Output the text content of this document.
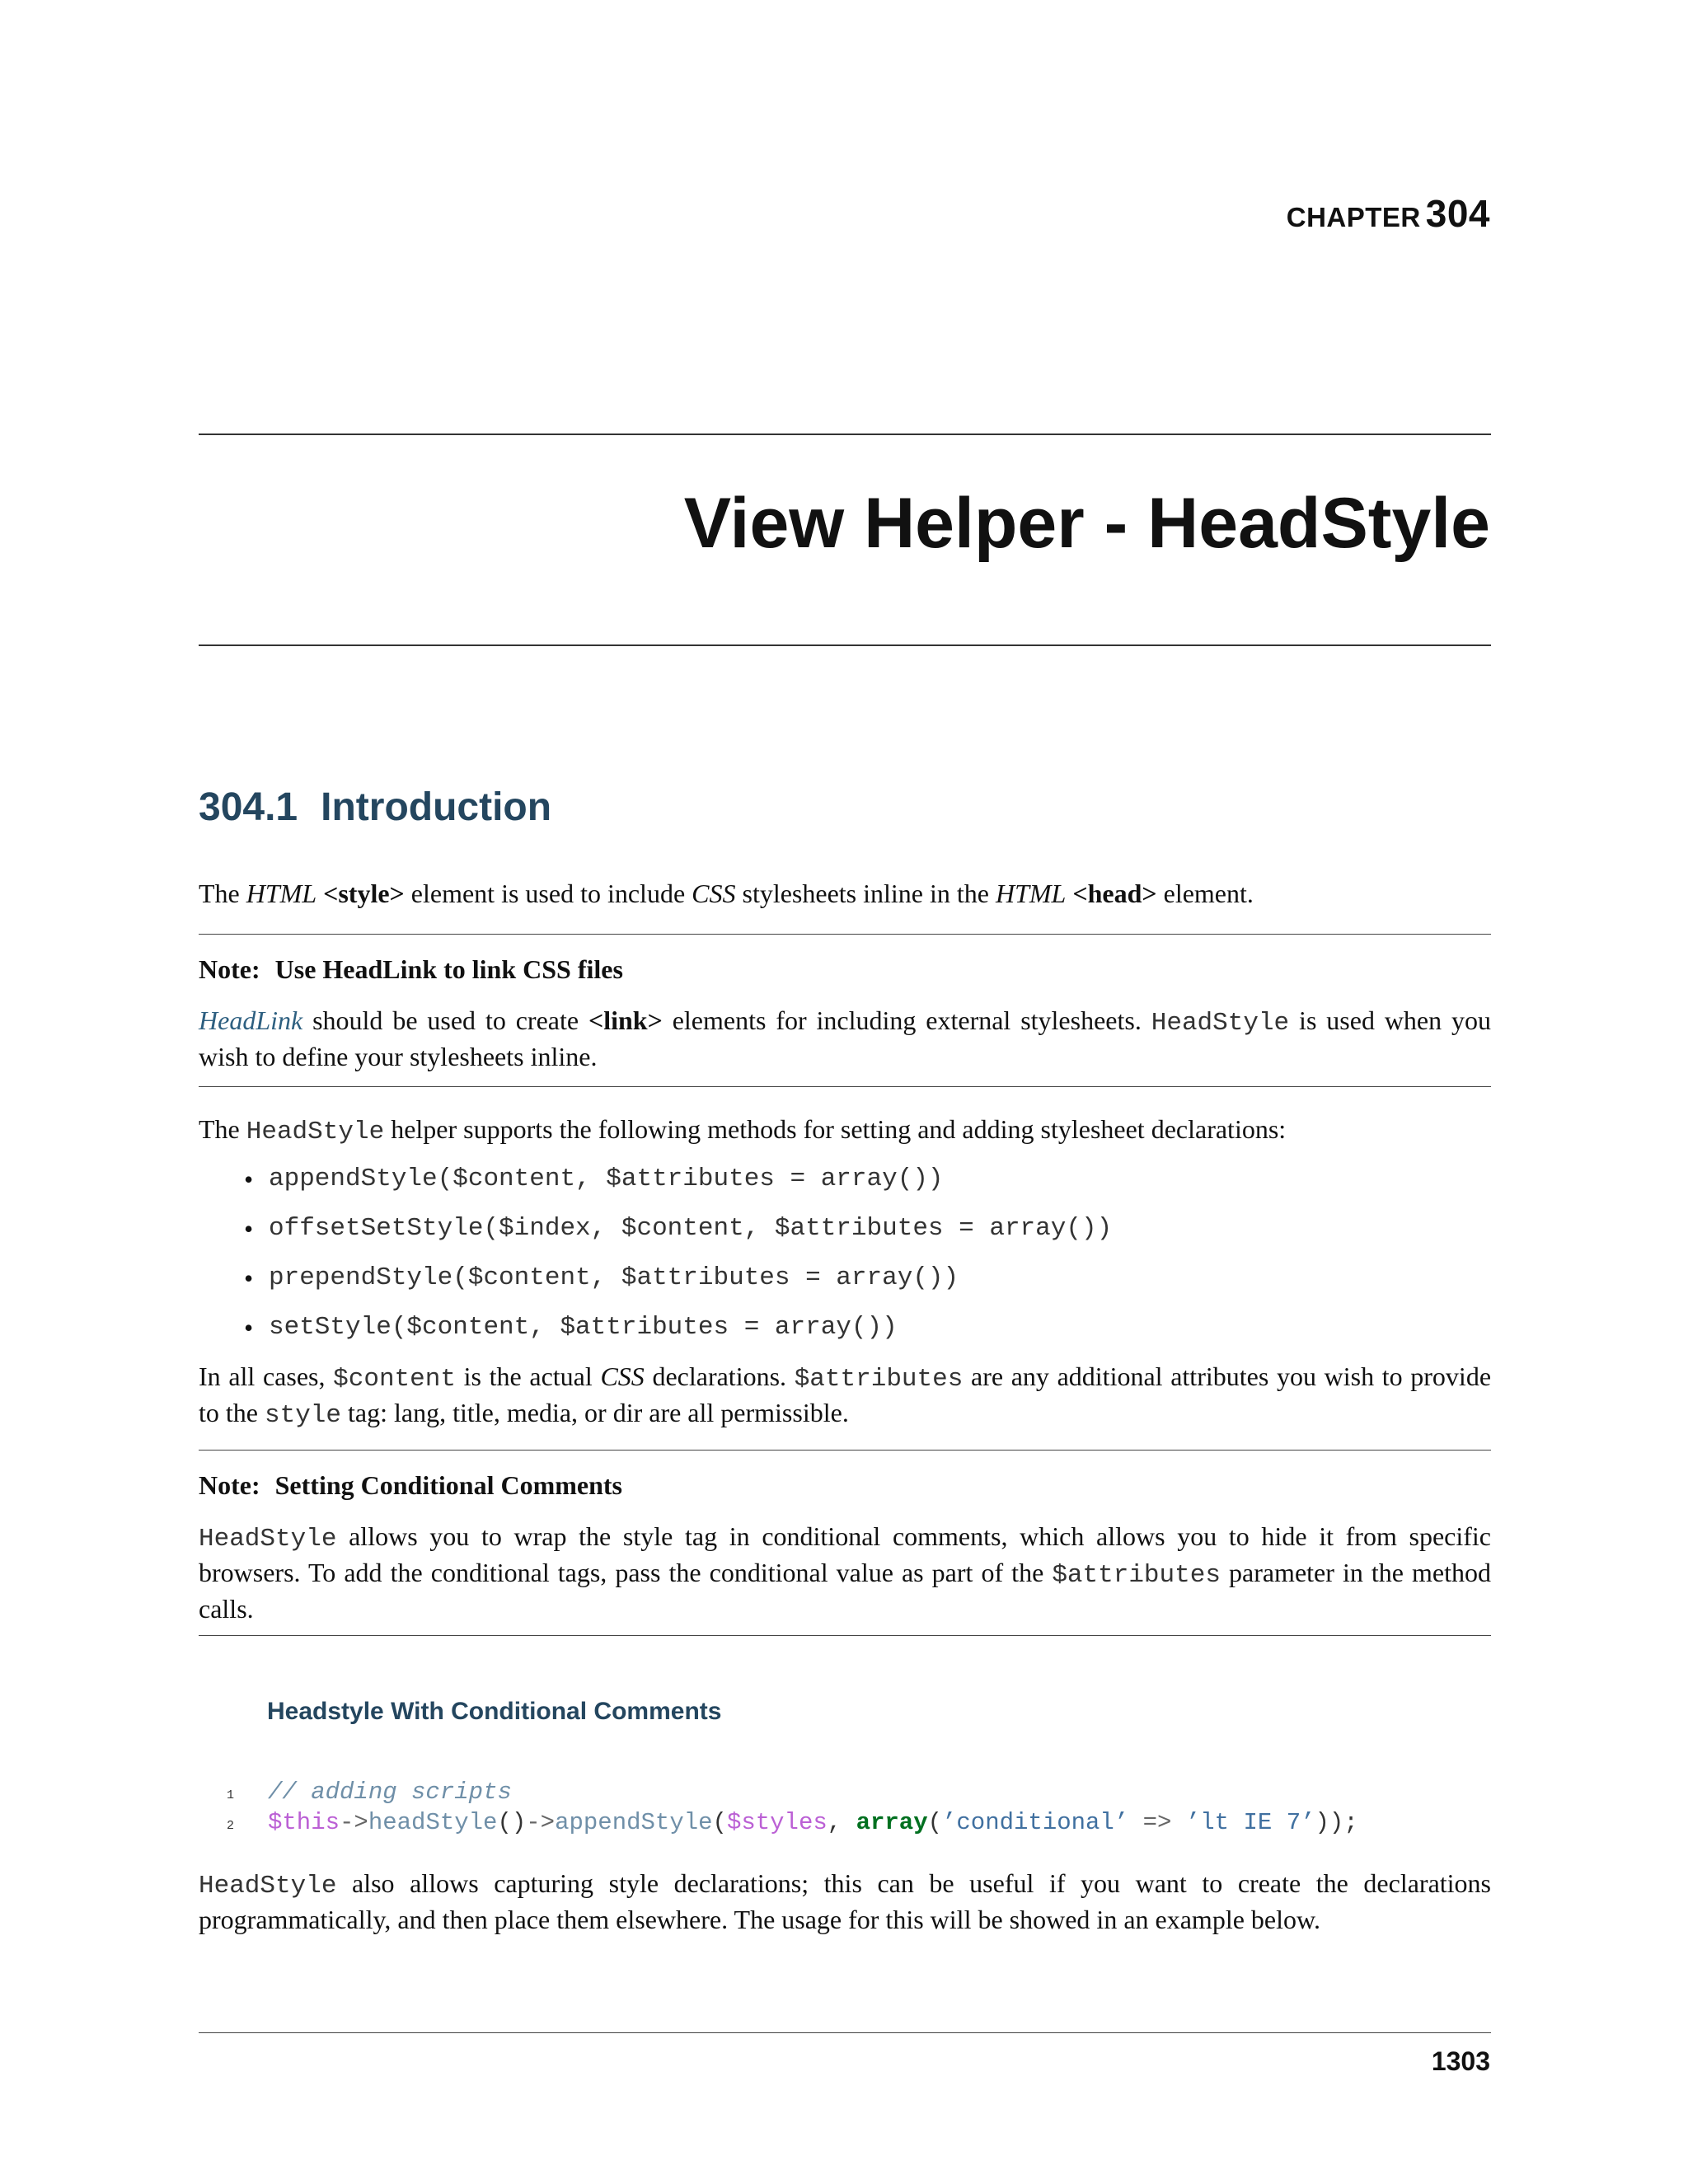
CHAPTER 304
View Helper - HeadStyle
304.1 Introduction
The HTML <style> element is used to include CSS stylesheets inline in the HTML <head> element.
Note: Use HeadLink to link CSS files
HeadLink should be used to create <link> elements for including external stylesheets. HeadStyle is used when you wish to define your stylesheets inline.
The HeadStyle helper supports the following methods for setting and adding stylesheet declarations:
• appendStyle($content, $attributes = array())
• offsetSetStyle($index, $content, $attributes = array())
• prependStyle($content, $attributes = array())
• setStyle($content, $attributes = array())
In all cases, $content is the actual CSS declarations. $attributes are any additional attributes you wish to provide to the style tag: lang, title, media, or dir are all permissible.
Note: Setting Conditional Comments
HeadStyle allows you to wrap the style tag in conditional comments, which allows you to hide it from specific browsers. To add the conditional tags, pass the conditional value as part of the $attributes parameter in the method calls.
Headstyle With Conditional Comments
1 // adding scripts
2 $this->headStyle()->appendStyle($styles, array(’conditional’ => ’lt IE 7’));
HeadStyle also allows capturing style declarations; this can be useful if you want to create the declarations programmatically, and then place them elsewhere. The usage for this will be showed in an example below.
1303
